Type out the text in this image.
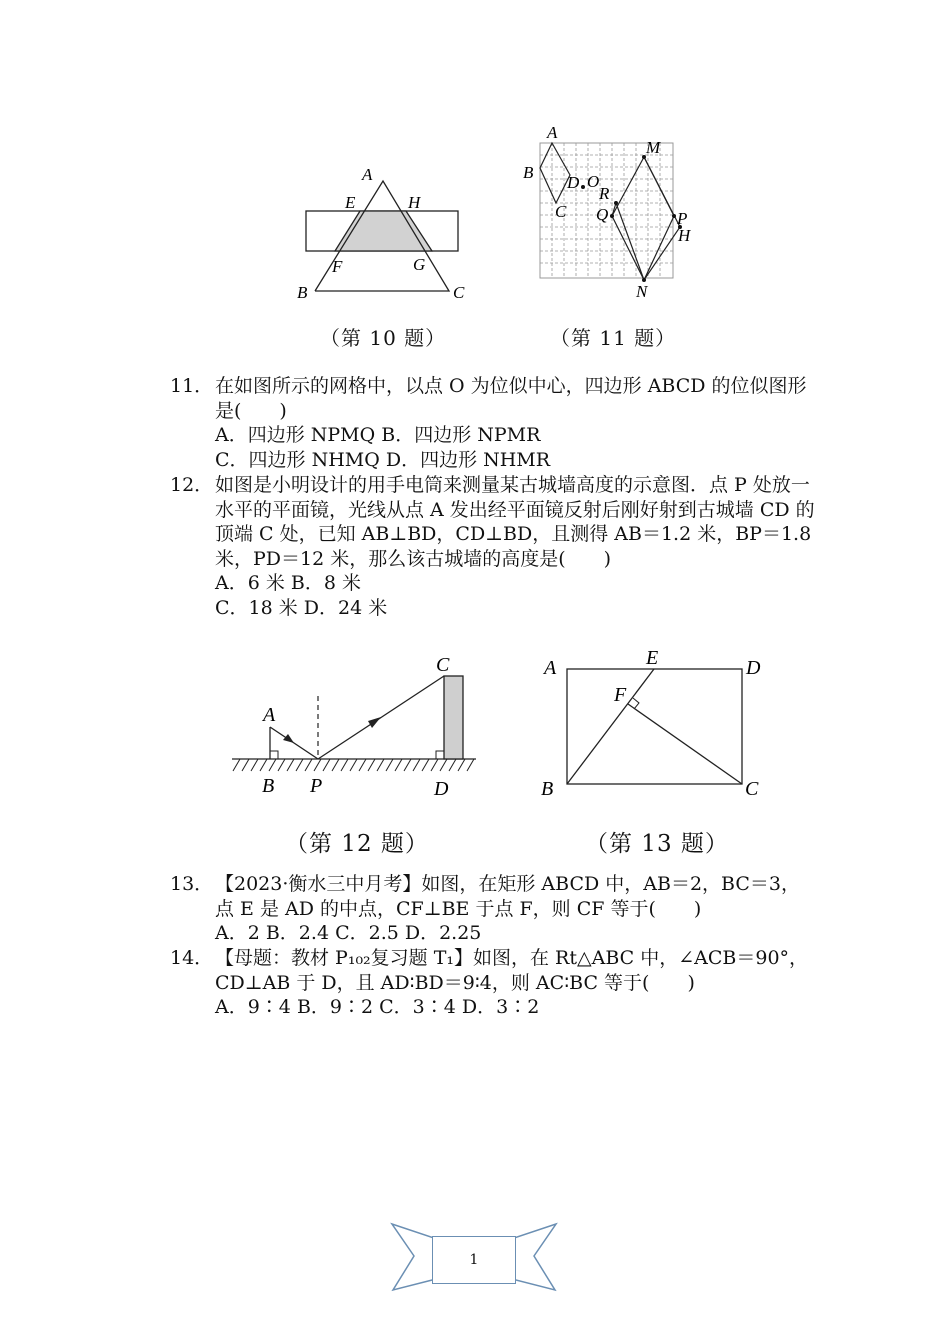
A
E	H
F	G
B	C
A
B
D O
C
M
R
Q	P
H
N
（第 10 题）	（第 11 题）
11．在如图所示的网格中，以点 O 为位似中心，四边形 ABCD 的位似图形是(　　)
A．四边形 NPMQ B．四边形 NPMR
C．四边形 NHMQ D．四边形 NHMR
12．如图是小明设计的用手电筒来测量某古城墙高度的示意图．点 P 处放一水平的平面镜，光线从点 A 发出经平面镜反射后刚好射到古城墙 CD 的顶端 C 处，已知 AB⊥BD，CD⊥BD，且测得 AB＝1.2 米，BP＝1.8 米，PD＝12 米，那么该古城墙的高度是(　　)
A．6 米 B．8 米
C．18 米 D．24 米
A
B P
C
D
A	E	D
F
B	C
（第 12 题）	（第 13 题）
13．【2023·衡水三中月考】如图，在矩形 ABCD 中，AB＝2，BC＝3，点 E 是 AD 的中点，CF⊥BE 于点 F，则 CF 等于(　　)
A．2 B．2.4 C．2.5 D．2.25
14．【母题：教材 P₁₀₂复习题 T₁】如图，在 Rt△ABC 中，∠ACB＝90°，CD⊥AB 于 D，且 AD∶BD＝9∶4，则 AC∶BC 等于(　　)
A．9∶4 B．9∶2 C．3∶4 D．3∶2
1
